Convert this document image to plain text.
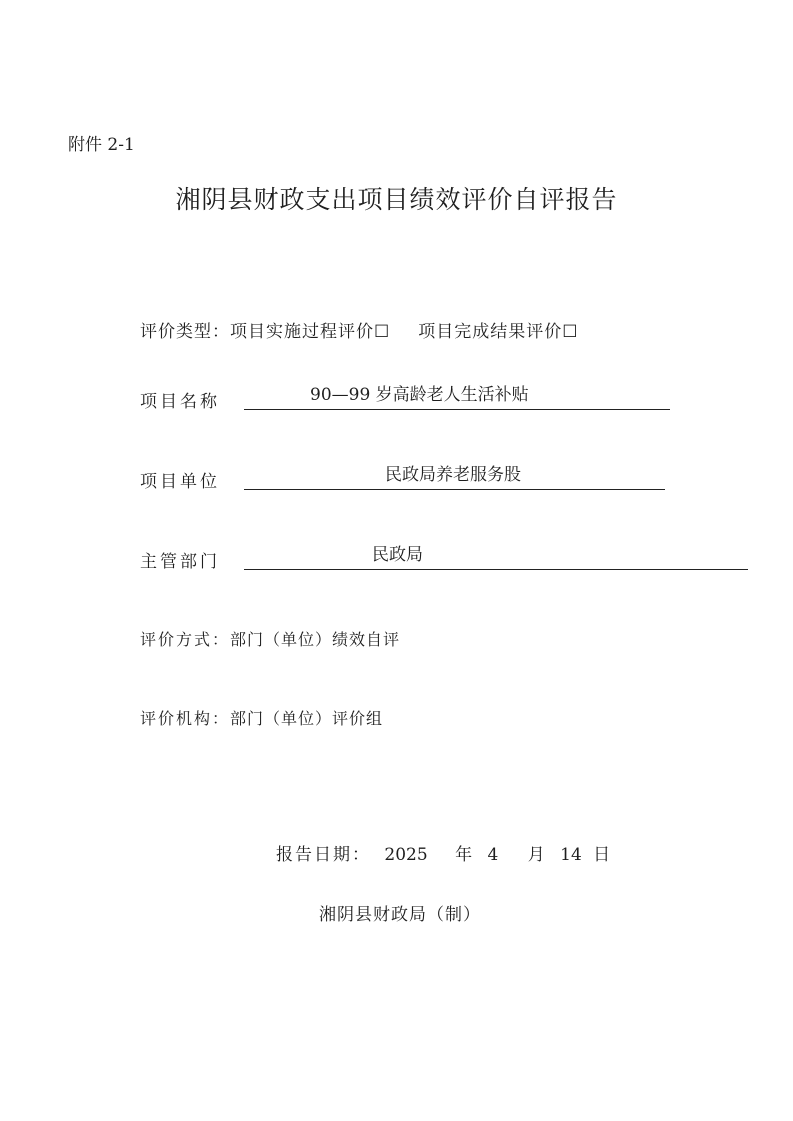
附件 2-1
湘阴县财政支出项目绩效评价自评报告
评价类型：项目实施过程评价☐ 项目完成结果评价☐
项目名称	90—99 岁高龄老人生活补贴
项目单位	民政局养老服务股
主管部门	民政局
评价方式：部门（单位）绩效自评
评价机构：部门（单位）评价组
报告日期： 2025 年 4 月 14 日
湘阴县财政局（制）
